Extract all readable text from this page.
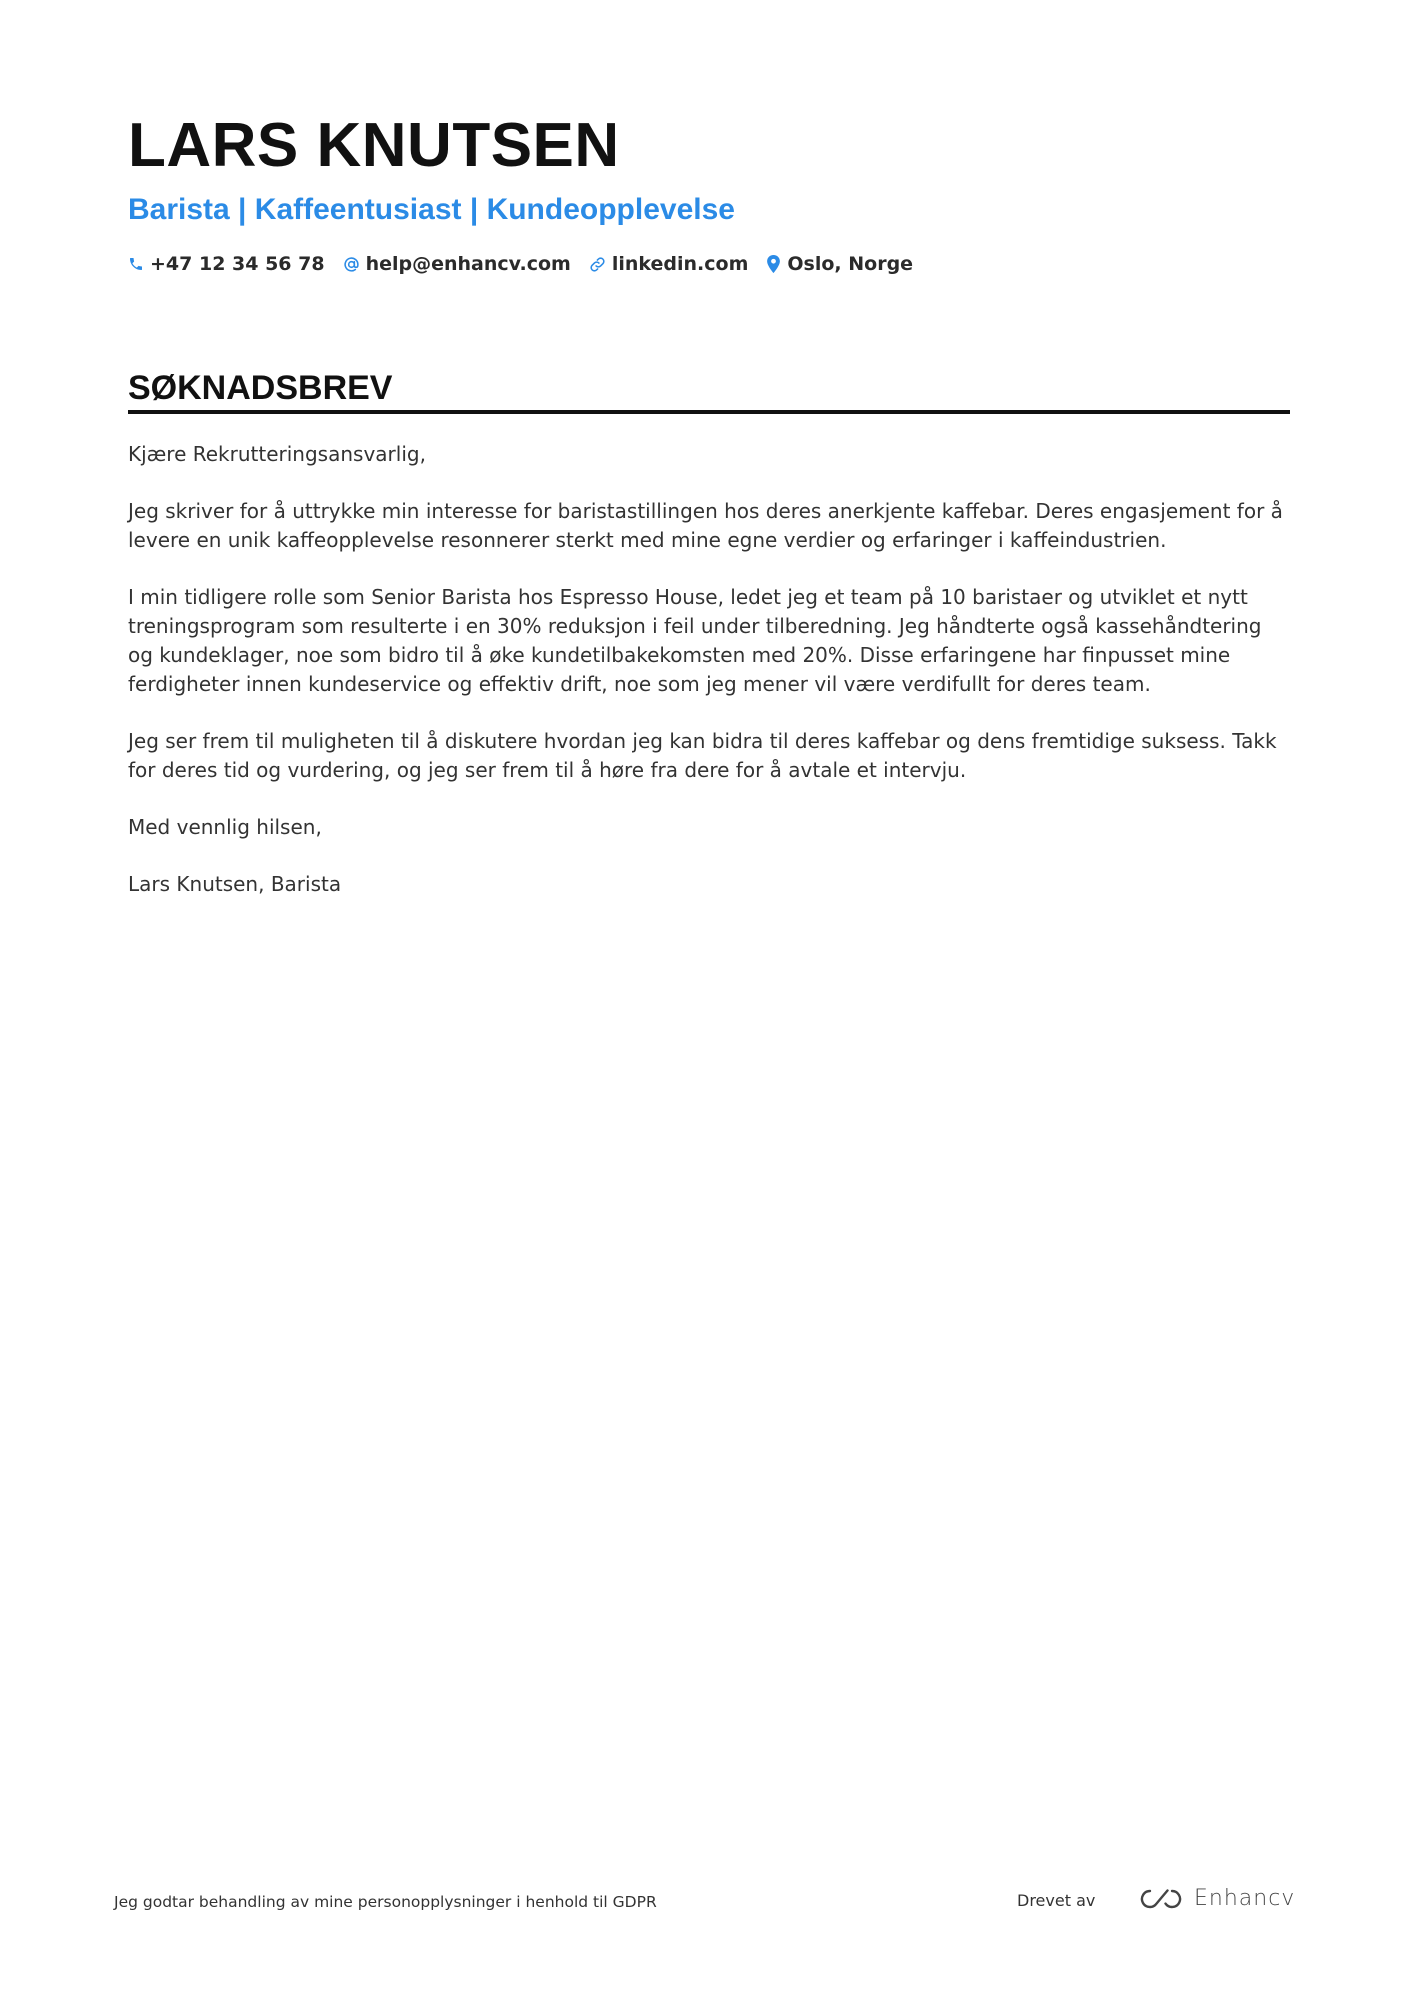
LARS KNUTSEN
Barista | Kaffeentusiast | Kundeopplevelse
+47 12 34 56 78 help@enhancv.com linkedin.com Oslo, Norge
SØKNADSBREV

Kjære Rekrutteringsansvarlig,

Jeg skriver for å uttrykke min interesse for baristastillingen hos deres anerkjente kaffebar. Deres engasjement for å levere en unik kaffeopplevelse resonnerer sterkt med mine egne verdier og erfaringer i kaffeindustrien.

I min tidligere rolle som Senior Barista hos Espresso House, ledet jeg et team på 10 baristaer og utviklet et nytt treningsprogram som resulterte i en 30% reduksjon i feil under tilberedning. Jeg håndterte også kassehåndtering og kundeklager, noe som bidro til å øke kundetilbakekomsten med 20%. Disse erfaringene har finpusset mine ferdigheter innen kundeservice og effektiv drift, noe som jeg mener vil være verdifullt for deres team.

Jeg ser frem til muligheten til å diskutere hvordan jeg kan bidra til deres kaffebar og dens fremtidige suksess. Takk for deres tid og vurdering, og jeg ser frem til å høre fra dere for å avtale et intervju.

Med vennlig hilsen,

Lars Knutsen, Barista

Jeg godtar behandling av mine personopplysninger i henhold til GDPR	Drevet av	Enhancv
